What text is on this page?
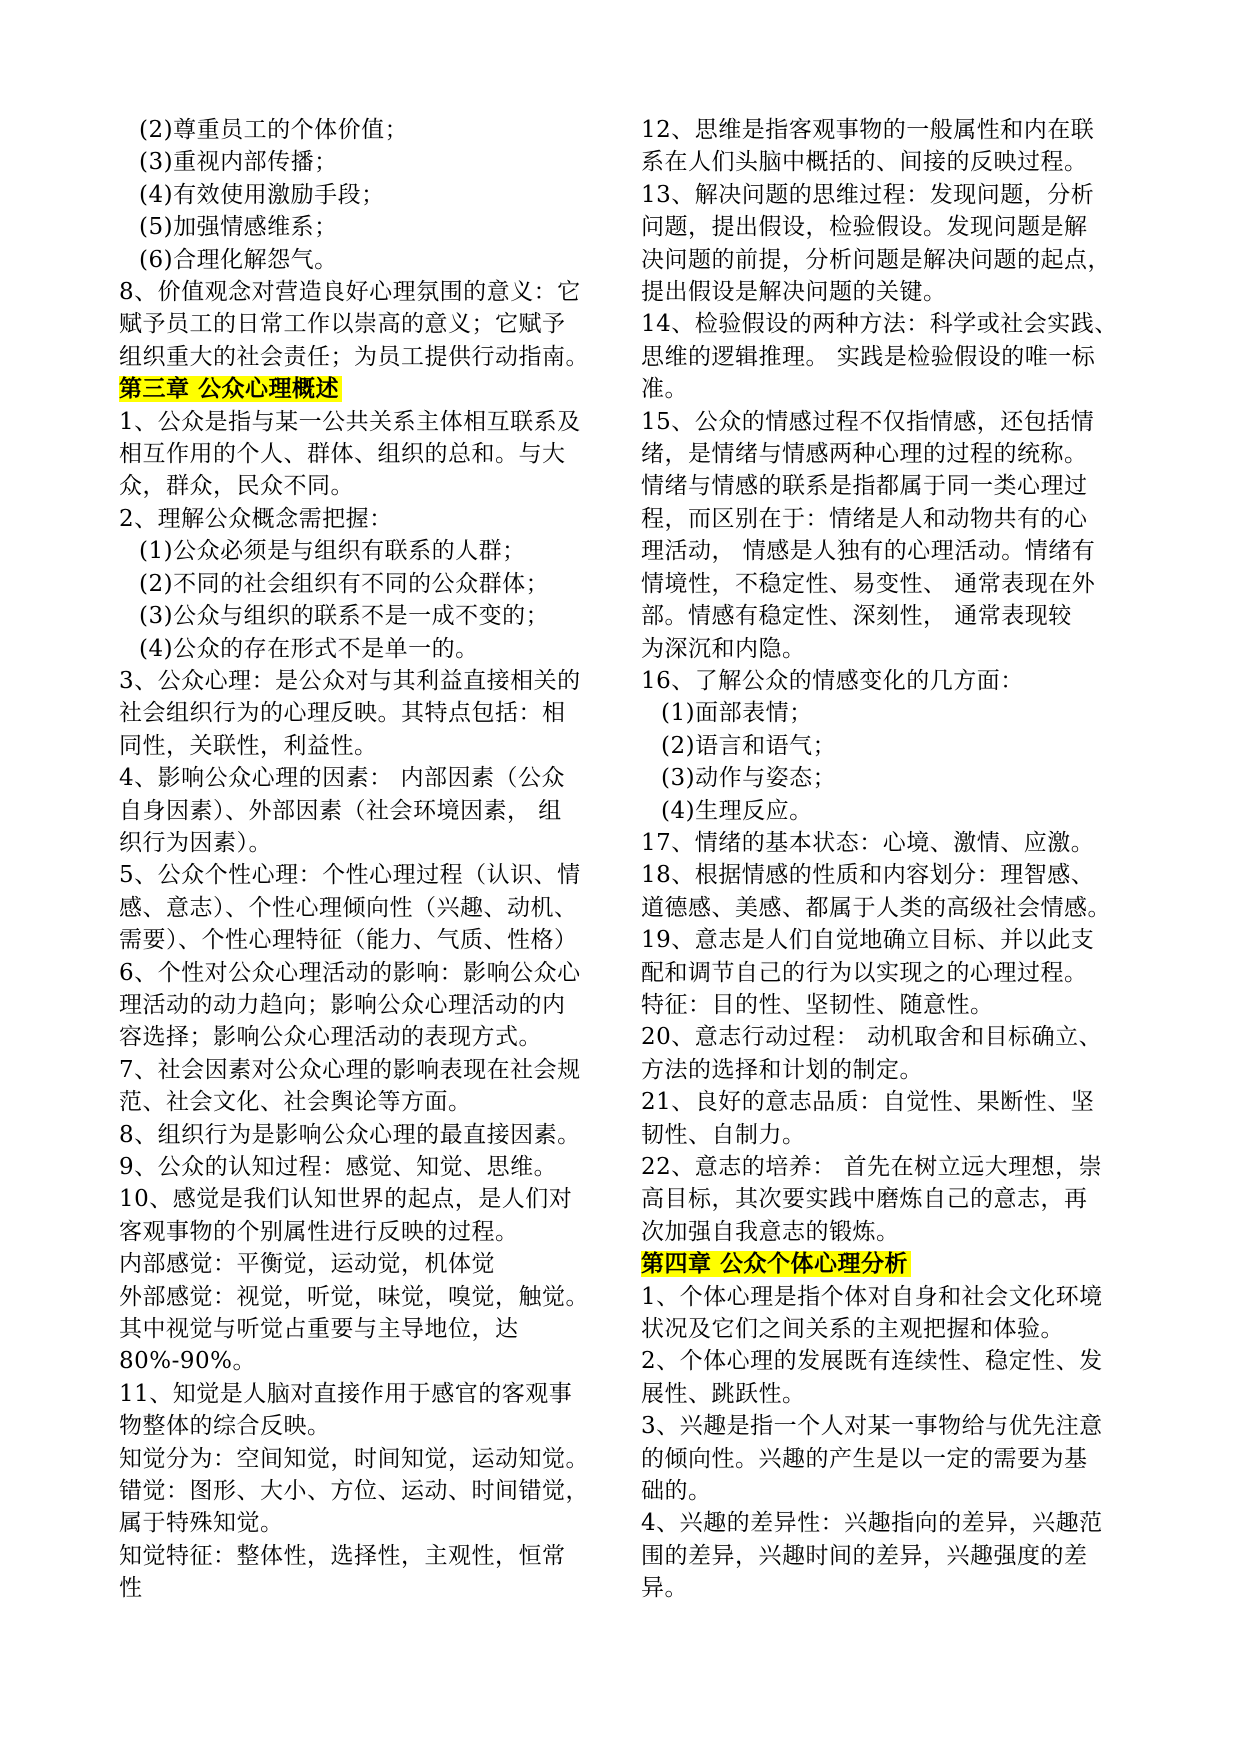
(2)尊重员工的个体价值；

(3)重视内部传播；

(4)有效使用激励手段；

(5)加强情感维系；

(6)合理化解怨气。

8、价值观念对营造良好心理氛围的意义：它

赋予员工的日常工作以崇高的意义；它赋予

组织重大的社会责任；为员工提供行动指南。

第三章 公众心理概述

1、公众是指与某一公共关系主体相互联系及

相互作用的个人、群体、组织的总和。与大

众，群众，民众不同。

2、理解公众概念需把握：

(1)公众必须是与组织有联系的人群；

(2)不同的社会组织有不同的公众群体；

(3)公众与组织的联系不是一成不变的；

(4)公众的存在形式不是单一的。

3、公众心理：是公众对与其利益直接相关的

社会组织行为的心理反映。其特点包括：相

同性，关联性，利益性。

4、影响公众心理的因素： 内部因素（公众

自身因素）、外部因素（社会环境因素， 组

织行为因素）。

5、公众个性心理：个性心理过程（认识、情

感、意志）、个性心理倾向性（兴趣、动机、

需要）、个性心理特征（能力、气质、性格）

6、个性对公众心理活动的影响：影响公众心

理活动的动力趋向；影响公众心理活动的内

容选择；影响公众心理活动的表现方式。

7、社会因素对公众心理的影响表现在社会规

范、社会文化、社会舆论等方面。

8、组织行为是影响公众心理的最直接因素。

9、公众的认知过程：感觉、知觉、思维。

10、感觉是我们认知世界的起点，是人们对

客观事物的个别属性进行反映的过程。

内部感觉：平衡觉，运动觉，机体觉

外部感觉：视觉，听觉，味觉，嗅觉，触觉。

其中视觉与听觉占重要与主导地位，达

80%-90%。

11、知觉是人脑对直接作用于感官的客观事

物整体的综合反映。

知觉分为：空间知觉，时间知觉，运动知觉。

错觉：图形、大小、方位、运动、时间错觉，

属于特殊知觉。

知觉特征：整体性，选择性，主观性，恒常

性

12、思维是指客观事物的一般属性和内在联

系在人们头脑中概括的、间接的反映过程。

13、解决问题的思维过程：发现问题，分析

问题，提出假设，检验假设。发现问题是解

决问题的前提，分析问题是解决问题的起点，

提出假设是解决问题的关键。

14、检验假设的两种方法：科学或社会实践、

思维的逻辑推理。 实践是检验假设的唯一标

准。

15、公众的情感过程不仅指情感，还包括情

绪，是情绪与情感两种心理的过程的统称。

情绪与情感的联系是指都属于同一类心理过

程，而区别在于：情绪是人和动物共有的心

理活动， 情感是人独有的心理活动。情绪有

情境性，不稳定性、易变性、 通常表现在外

部。情感有稳定性、深刻性， 通常表现较

为深沉和内隐。

16、了解公众的情感变化的几方面：

(1)面部表情；

(2)语言和语气；

(3)动作与姿态；

(4)生理反应。

17、情绪的基本状态：心境、激情、应激。

18、根据情感的性质和内容划分：理智感、

道德感、美感、都属于人类的高级社会情感。

19、意志是人们自觉地确立目标、并以此支

配和调节自己的行为以实现之的心理过程。

特征：目的性、坚韧性、随意性。

20、意志行动过程： 动机取舍和目标确立、

方法的选择和计划的制定。

21、良好的意志品质：自觉性、果断性、坚

韧性、自制力。

22、意志的培养： 首先在树立远大理想，崇

高目标，其次要实践中磨炼自己的意志，再

次加强自我意志的锻炼。

第四章 公众个体心理分析

1、个体心理是指个体对自身和社会文化环境

状况及它们之间关系的主观把握和体验。

2、个体心理的发展既有连续性、稳定性、发

展性、跳跃性。

3、兴趣是指一个人对某一事物给与优先注意

的倾向性。兴趣的产生是以一定的需要为基

础的。

4、兴趣的差异性：兴趣指向的差异，兴趣范

围的差异，兴趣时间的差异，兴趣强度的差

异。
